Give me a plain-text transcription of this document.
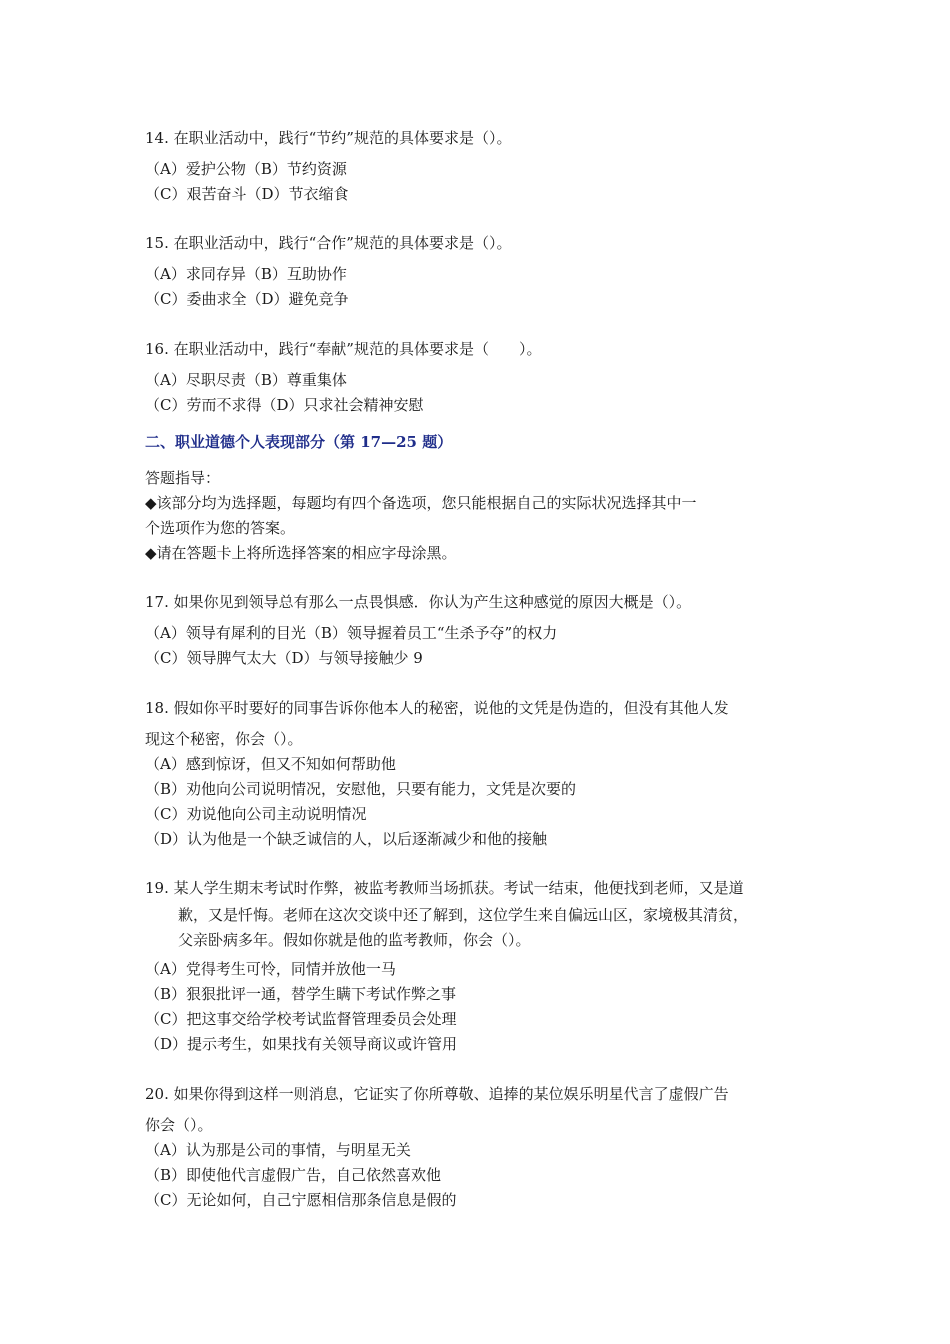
14. 在职业活动中，践行“节约”规范的具体要求是（）。
（A）爱护公物（B）节约资源
（C）艰苦奋斗（D）节衣缩食
15. 在职业活动中，践行“合作”规范的具体要求是（）。
（A）求同存异（B）互助协作
（C）委曲求全（D）避免竞争
16. 在职业活动中，践行“奉献”规范的具体要求是（　　）。
（A）尽职尽责（B）尊重集体
（C）劳而不求得（D）只求社会精神安慰
二、职业道德个人表现部分（第 17—25 题）
答题指导：
◆该部分均为选择题，每题均有四个备选项，您只能根据自己的实际状况选择其中一
个选项作为您的答案。
◆请在答题卡上将所选择答案的相应字母涂黑。
17. 如果你见到领导总有那么一点畏惧感．你认为产生这种感觉的原因大概是（）。
（A）领导有犀利的目光（B）领导握着员工“生杀予夺”的权力
（C）领导脾气太大（D）与领导接触少 9
18. 假如你平时要好的同事告诉你他本人的秘密，说他的文凭是伪造的，但没有其他人发
现这个秘密，你会（）。
（A）感到惊讶，但又不知如何帮助他
（B）劝他向公司说明情况，安慰他，只要有能力，文凭是次要的
（C）劝说他向公司主动说明情况
（D）认为他是一个缺乏诚信的人，以后逐渐减少和他的接触
19. 某人学生期末考试时作弊，被监考教师当场抓获。考试一结束，他便找到老师，又是道
歉，又是忏悔。老师在这次交谈中还了解到，这位学生来自偏远山区，家境极其清贫，
父亲卧病多年。假如你就是他的监考教师，你会（）。
（A）党得考生可怜，同情并放他一马
（B）狠狠批评一通，替学生瞒下考试作弊之事
（C）把这事交给学校考试监督管理委员会处理
（D）提示考生，如果找有关领导商议或许管用
20. 如果你得到这样一则消息，它证实了你所尊敬、追捧的某位娱乐明星代言了虚假广告
你会（）。
（A）认为那是公司的事情，与明星无关
（B）即使他代言虚假广告，自己依然喜欢他
（C）无论如何，自己宁愿相信那条信息是假的
